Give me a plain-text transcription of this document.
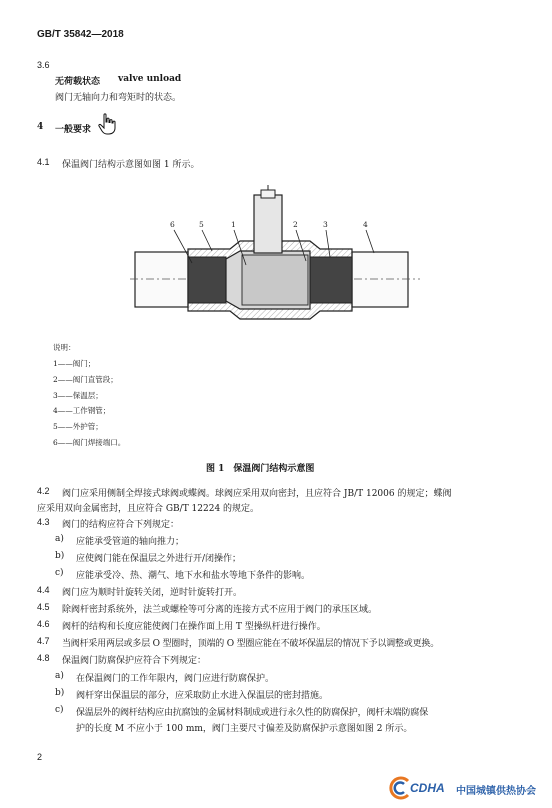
GB/T 35842—2018
3.6
无荷载状态 valve unload
阀门无轴向力和弯矩时的状态。
4 一般要求
4.1 保温阀门结构示意图如图 1 所示。
6	5	1	2	3	4
说明：
1——阀门；
2——阀门直管段；
3——保温层；
4——工作钢管；
5——外护管；
6——阀门焊接端口。
图 1　保温阀门结构示意图
4.2 阀门应采用侧制全焊接式球阀或蝶阀。球阀应采用双向密封，且应符合 JB/T 12006 的规定；蝶阀
应采用双向金属密封，且应符合 GB/T 12224 的规定。
4.3 阀门的结构应符合下列规定：
a) 应能承受管道的轴向推力；
b) 应使阀门能在保温层之外进行开/闭操作；
c) 应能承受冷、热、潮气、地下水和盐水等地下条件的影响。
4.4 阀门应为顺时针旋转关闭，逆时针旋转打开。
4.5 除阀杆密封系统外，法兰或螺栓等可分离的连接方式不应用于阀门的承压区域。
4.6 阀杆的结构和长度应能使阀门在操作面上用 T 型操纵杆进行操作。
4.7 当阀杆采用两层或多层 O 型圈时，顶端的 O 型圈应能在不破坏保温层的情况下予以调整或更换。
4.8 保温阀门防腐保护应符合下列规定：
a) 在保温阀门的工作年限内，阀门应进行防腐保护。
b) 阀杆穿出保温层的部分，应采取防止水进入保温层的密封措施。
c) 保温层外的阀杆结构应由抗腐蚀的金属材料制成或进行永久性的防腐保护，阀杆末端防腐保
护的长度 M 不应小于 100 mm，阀门主要尺寸偏差及防腐保护示意图如图 2 所示。
2
CDHA 中国城镇供热协会
